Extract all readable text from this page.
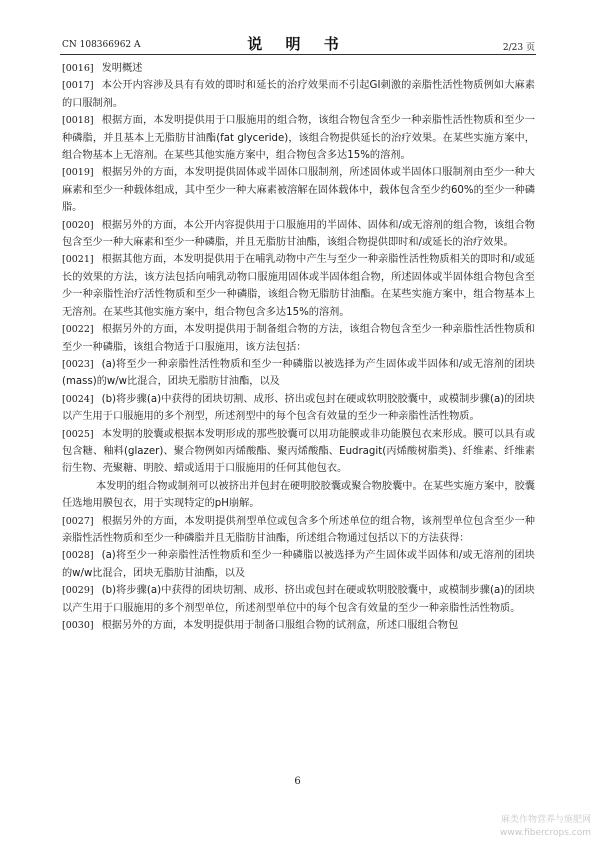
CN 108366962 A	说 明 书	2/23 页

[0016] 发明概述

[0017] 本公开内容涉及具有有效的即时和延长的治疗效果而不引起GI刺激的亲脂性活性物质例如大麻素的口服制剂。

[0018] 根据方面，本发明提供用于口服施用的组合物，该组合物包含至少一种亲脂性活性物质和至少一种磷脂，并且基本上无脂肪甘油酯(fat glyceride)，该组合物提供延长的治疗效果。在某些实施方案中，组合物基本上无溶剂。在某些其他实施方案中，组合物包含多达15%的溶剂。

[0019] 根据另外的方面，本发明提供固体或半固体口服制剂，所述固体或半固体口服制剂由至少一种大麻素和至少一种载体组成，其中至少一种大麻素被溶解在固体载体中，载体包含至少约60%的至少一种磷脂。

[0020] 根据另外的方面，本公开内容提供用于口服施用的半固体、固体和/或无溶剂的组合物，该组合物包含至少一种大麻素和至少一种磷脂，并且无脂肪甘油酯，该组合物提供即时和/或延长的治疗效果。

[0021] 根据其他方面，本发明提供用于在哺乳动物中产生与至少一种亲脂性活性物质相关的即时和/或延长的效果的方法，该方法包括向哺乳动物口服施用固体或半固体组合物，所述固体或半固体组合物包含至少一种亲脂性治疗活性物质和至少一种磷脂，该组合物无脂肪甘油酯。在某些实施方案中，组合物基本上无溶剂。在某些其他实施方案中，组合物包含多达15%的溶剂。

[0022] 根据另外的方面，本发明提供用于制备组合物的方法，该组合物包含至少一种亲脂性活性物质和至少一种磷脂，该组合物适于口服施用，该方法包括：

[0023] (a)将至少一种亲脂性活性物质和至少一种磷脂以被选择为产生固体或半固体和/或无溶剂的团块(mass)的w/w比混合，团块无脂肪甘油酯，以及

[0024] (b)将步骤(a)中获得的团块切割、成形、挤出或包封在硬或软明胶胶囊中，或模制步骤(a)的团块以产生用于口服施用的多个剂型，所述剂型中的每个包含有效量的至少一种亲脂性活性物质。

[0025] 本发明的胶囊或根据本发明形成的那些胶囊可以用功能膜或非功能膜包衣来形成。膜可以具有或包含糖、釉料(glazer)、聚合物例如丙烯酸酯、聚丙烯酸酯、Eudragit(丙烯酸树脂类)、纤维素、纤维素衍生物、壳聚糖、明胶、蜡或适用于口服施用的任何其他包衣。

本发明的组合物或制剂可以被挤出并包封在硬明胶胶囊或聚合物胶囊中。在某些实施方案中，胶囊任选地用膜包衣，用于实现特定的pH崩解。

[0027] 根据另外的方面，本发明提供剂型单位或包含多个所述单位的组合物，该剂型单位包含至少一种亲脂性活性物质和至少一种磷脂并且无脂肪甘油酯，所述组合物通过包括以下的方法获得：

[0028] (a)将至少一种亲脂性活性物质和至少一种磷脂以被选择为产生固体或半固体和/或无溶剂的团块的w/w比混合，团块无脂肪甘油酯，以及

[0029] (b)将步骤(a)中获得的团块切割、成形、挤出或包封在硬或软明胶胶囊中，或模制步骤(a)的团块以产生用于口服施用的多个剂型单位，所述剂型单位中的每个包含有效量的至少一种亲脂性活性物质。

[0030] 根据另外的方面，本发明提供用于制备口服组合物的试剂盒，所述口服组合物包

6
麻类作物营养与施肥网
www.fibercrops.com
